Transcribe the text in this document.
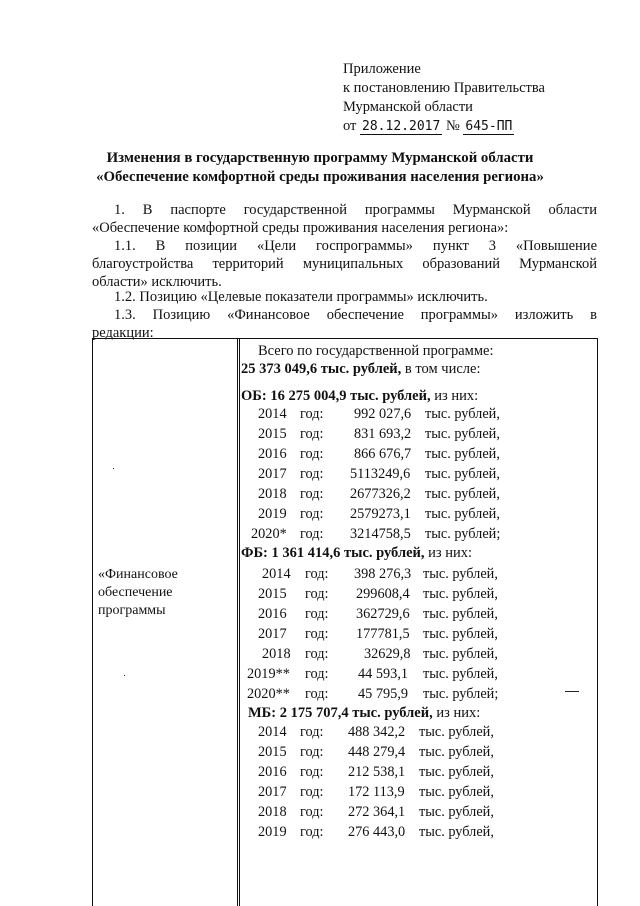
Приложение
к постановлению Правительства
Мурманской области
от 28.12.2017 № 645-ПП
Изменения в государственную программу Мурманской области
«Обеспечение комфортной среды проживания населения региона»
1. В паспорте государственной программы Мурманской области
«Обеспечение комфортной среды проживания населения региона»:
1.1. В позиции «Цели госпрограммы» пункт 3 «Повышение
благоустройства территорий муниципальных образований Мурманской
области» исключить.
1.2. Позицию «Целевые показатели программы» исключить.
1.3. Позицию «Финансовое обеспечение программы» изложить в
редакции:
«Финансовое
обеспечение
программы
Всего по государственной программе:
25 373 049,6 тыс. рублей, в том числе:
ОБ: 16 275 004,9 тыс. рублей, из них:
ФБ: 1 361 414,6 тыс. рублей, из них:
МБ: 2 175 707,4 тыс. рублей, из них:
2014 год: 992 027,6 тыс. рублей,
2015 год: 831 693,2 тыс. рублей,
2016 год: 866 676,7 тыс. рублей,
2017 год: 5113249,6 тыс. рублей,
2018 год: 2677326,2 тыс. рублей,
2019 год: 2579273,1 тыс. рублей,
2020* год: 3214758,5 тыс. рублей;
2014 год: 398 276,3 тыс. рублей,
2015 год: 299608,4 тыс. рублей,
2016 год: 362729,6 тыс. рублей,
2017 год: 177781,5 тыс. рублей,
2018 год: 32629,8 тыс. рублей,
2019** год: 44 593,1 тыс. рублей,
2020** год: 45 795,9 тыс. рублей;
2014 год: 488 342,2 тыс. рублей,
2015 год: 448 279,4 тыс. рублей,
2016 год: 212 538,1 тыс. рублей,
2017 год: 172 113,9 тыс. рублей,
2018 год: 272 364,1 тыс. рублей,
2019 год: 276 443,0 тыс. рублей,
